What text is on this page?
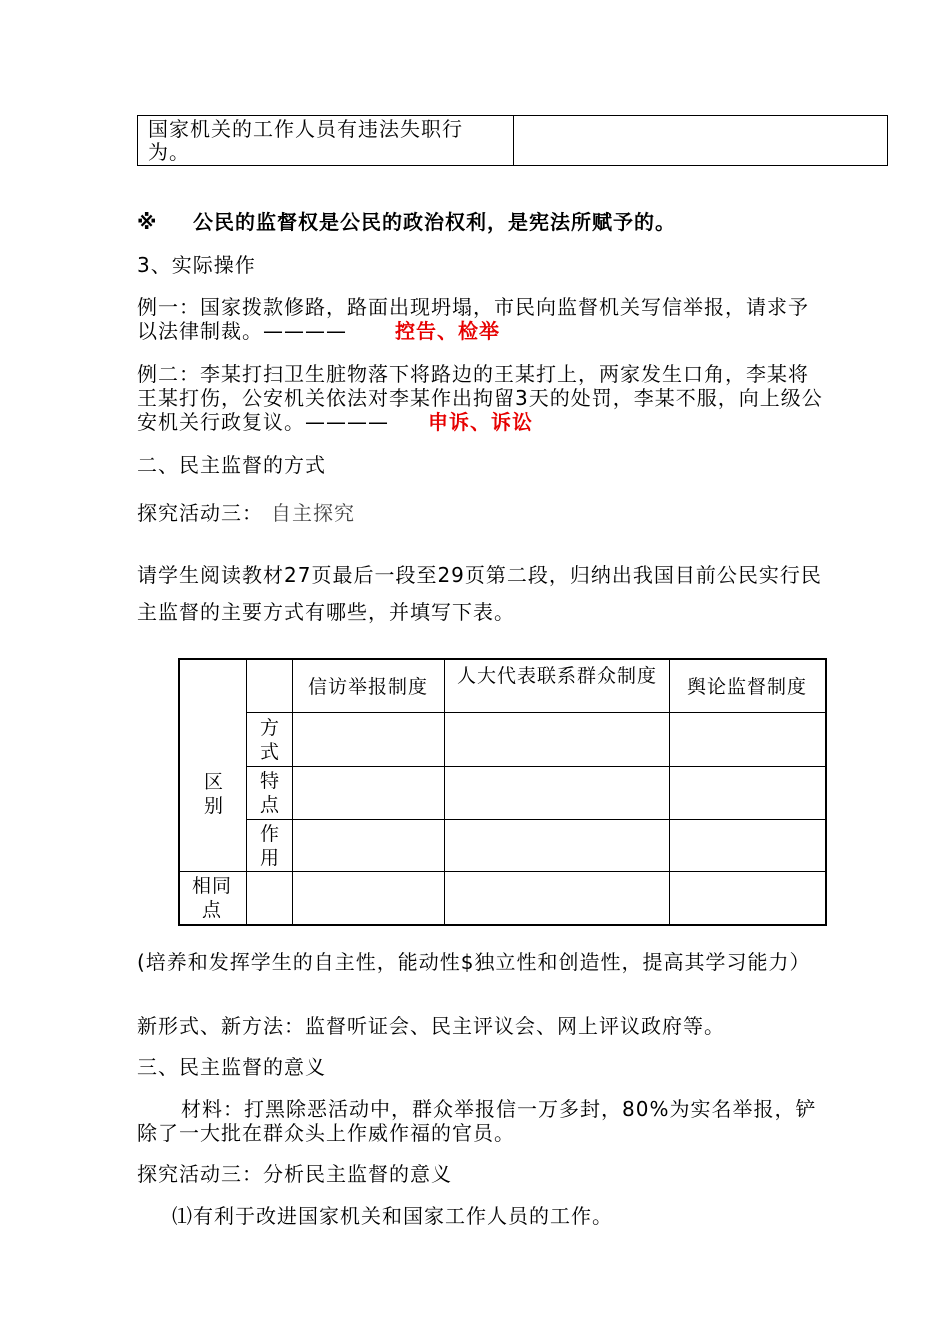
国家机关的工作人员有违法失职行为。
※ 公民的监督权是公民的政治权利，是宪法所赋予的。
3、实际操作
例一：国家拨款修路，路面出现坍塌，市民向监督机关写信举报，请求予
以法律制裁。———— 控告、检举
例二：李某打扫卫生脏物落下将路边的王某打上，两家发生口角，李某将
王某打伤，公安机关依法对李某作出拘留3天的处罚，李某不服，向上级公
安机关行政复议。———— 申诉、诉讼
二、民主监督的方式
探究活动三： 自主探究
请学生阅读教材27页最后一段至29页第二段，归纳出我国目前公民实行民
主监督的主要方式有哪些，并填写下表。
信访举报制度	人大代表联系群众制度	舆论监督制度
区别
方式
特点
作用
相同点
(培养和发挥学生的自主性，能动性$独立性和创造性，提高其学习能力）
新形式、新方法：监督听证会、民主评议会、网上评议政府等。
三、民主监督的意义
材料：打黑除恶活动中，群众举报信一万多封，80%为实名举报，铲
除了一大批在群众头上作威作福的官员。
探究活动三：分析民主监督的意义
⑴有利于改进国家机关和国家工作人员的工作。
